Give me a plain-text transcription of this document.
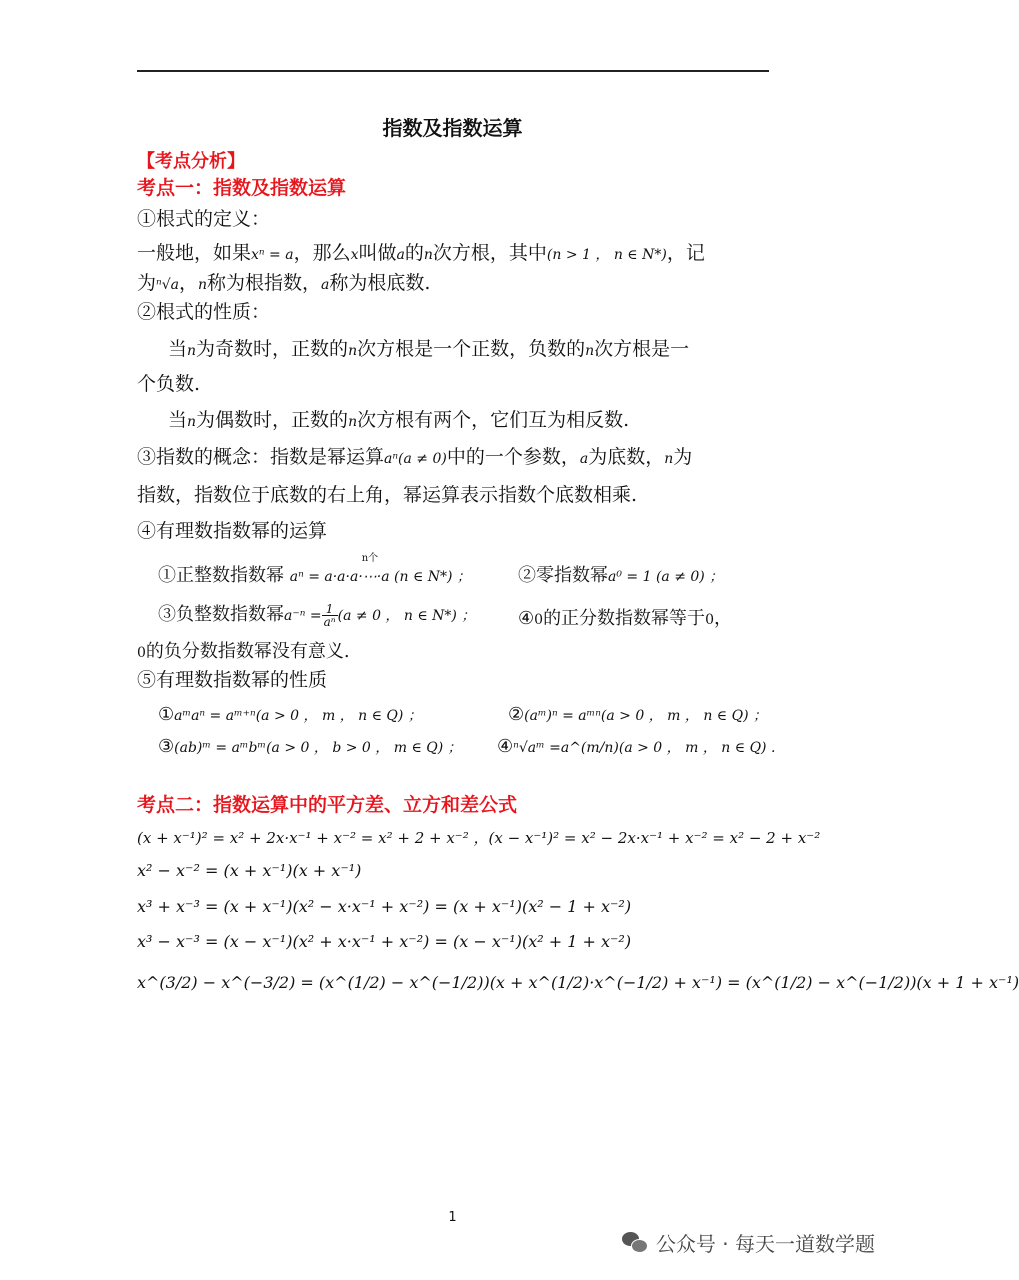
指数及指数运算
【考点分析】
考点一：指数及指数运算
①根式的定义：
一般地，如果xⁿ = a，那么x叫做a的n次方根，其中(n > 1 ， n ∈ N*)，记
为ⁿ√a，n称为根指数，a称为根底数.
②根式的性质：
当n为奇数时，正数的n次方根是一个正数，负数的n次方根是一
个负数.
当n为偶数时，正数的n次方根有两个，它们互为相反数.
③指数的概念：指数是幂运算aⁿ(a ≠ 0)中的一个参数，a为底数，n为
指数，指数位于底数的右上角，幂运算表示指数个底数相乘.
④有理数指数幂的运算
①正整数指数幂
n个
aⁿ = a·a·a·⋯·a (n ∈ N*) ；	②零指数幂a⁰ = 1 (a ≠ 0) ；
③负整数指数幂$a^{-n} = \frac{1}{\text{aⁿ}} (a \ne 0$ ， n ∈ N*) ； ④0的正分数指数幂等于0，
0的负分数指数幂没有意义.
⑤有理数指数幂的性质
①aᵐaⁿ = aᵐ⁺ⁿ(a > 0 ， m ， n ∈ Q) ；	②(aᵐ)ⁿ = aᵐⁿ(a > 0 ， m ， n ∈ Q) ；
③(ab)ᵐ = aᵐbᵐ(a > 0 ， b > 0 ， m ∈ Q) ； ④ⁿ√aᵐ =a^(m/n)(a > 0 ， m ， n ∈ Q) .
考点二：指数运算中的平方差、立方和差公式
(x + x⁻¹)² = x² + 2x·x⁻¹ + x⁻² = x² + 2 + x⁻² ，(x − x⁻¹)² = x² − 2x·x⁻¹ + x⁻² = x² − 2 + x⁻²
x² − x⁻² = (x + x⁻¹)(x + x⁻¹)
x³ + x⁻³ = (x + x⁻¹)(x² − x·x⁻¹ + x⁻²) = (x + x⁻¹)(x² − 1 + x⁻²)
x³ − x⁻³ = (x − x⁻¹)(x² + x·x⁻¹ + x⁻²) = (x − x⁻¹)(x² + 1 + x⁻²)
x^(3/2) − x^(−3/2) = (x^(1/2) − x^(−1/2))(x + x^(1/2)·x^(−1/2) + x⁻¹) = (x^(1/2) − x^(−1/2))(x + 1 + x⁻¹)
1
公众号 · 每天一道数学题
